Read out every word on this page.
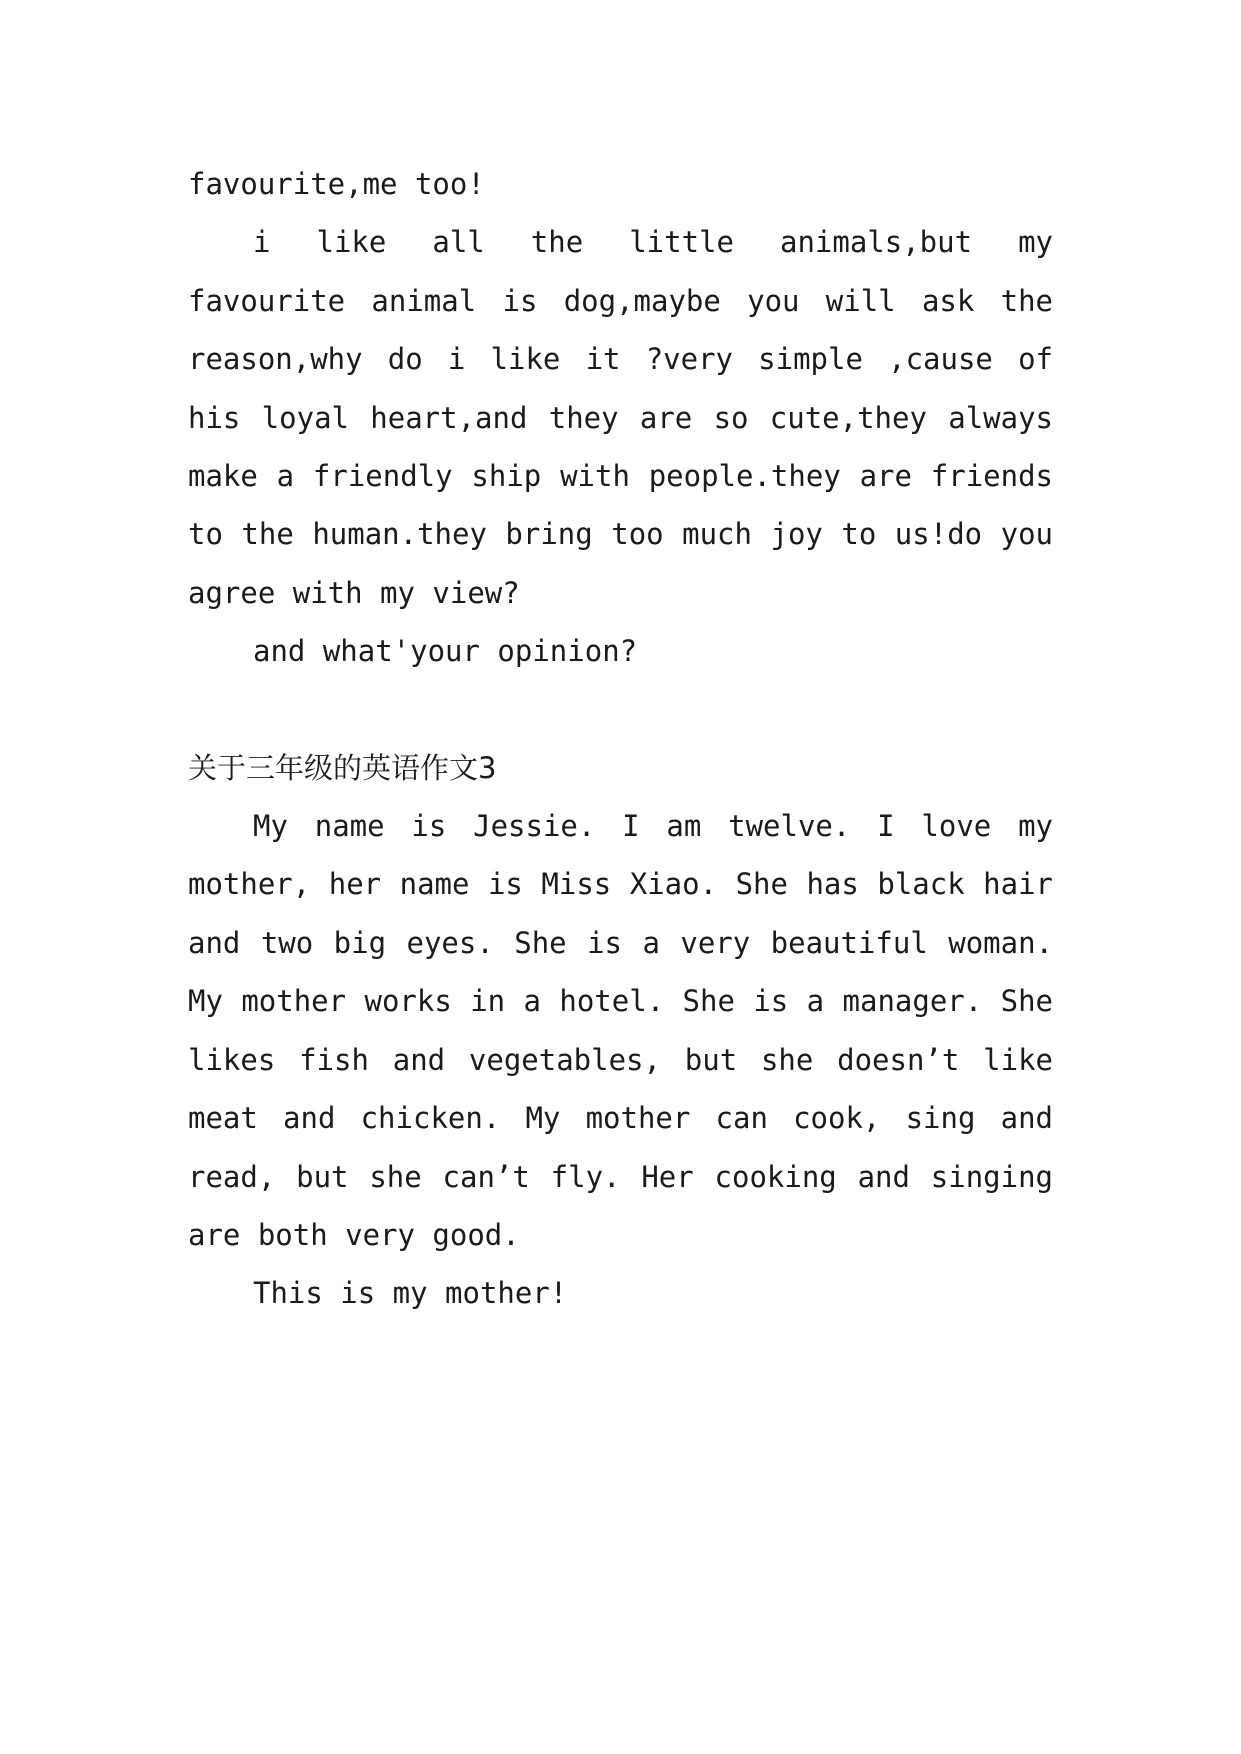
favourite,me too!

i like all the little animals,but my favourite animal is dog,maybe you will ask the reason,why do i like it ?very simple ,cause of his loyal heart,and they are so cute,they always make a friendly ship with people.they are friends to the human.they bring too much joy to us!do you agree with my view?

and what'your opinion?

关于三年级的英语作文3

My name is Jessie. I am twelve. I love my mother, her name is Miss Xiao. She has black hair and two big eyes. She is a very beautiful woman. My mother works in a hotel. She is a manager. She likes fish and vegetables, but she doesn’t like meat and chicken. My mother can cook, sing and read, but she can’t fly. Her cooking and singing are both very good.

This is my mother!
